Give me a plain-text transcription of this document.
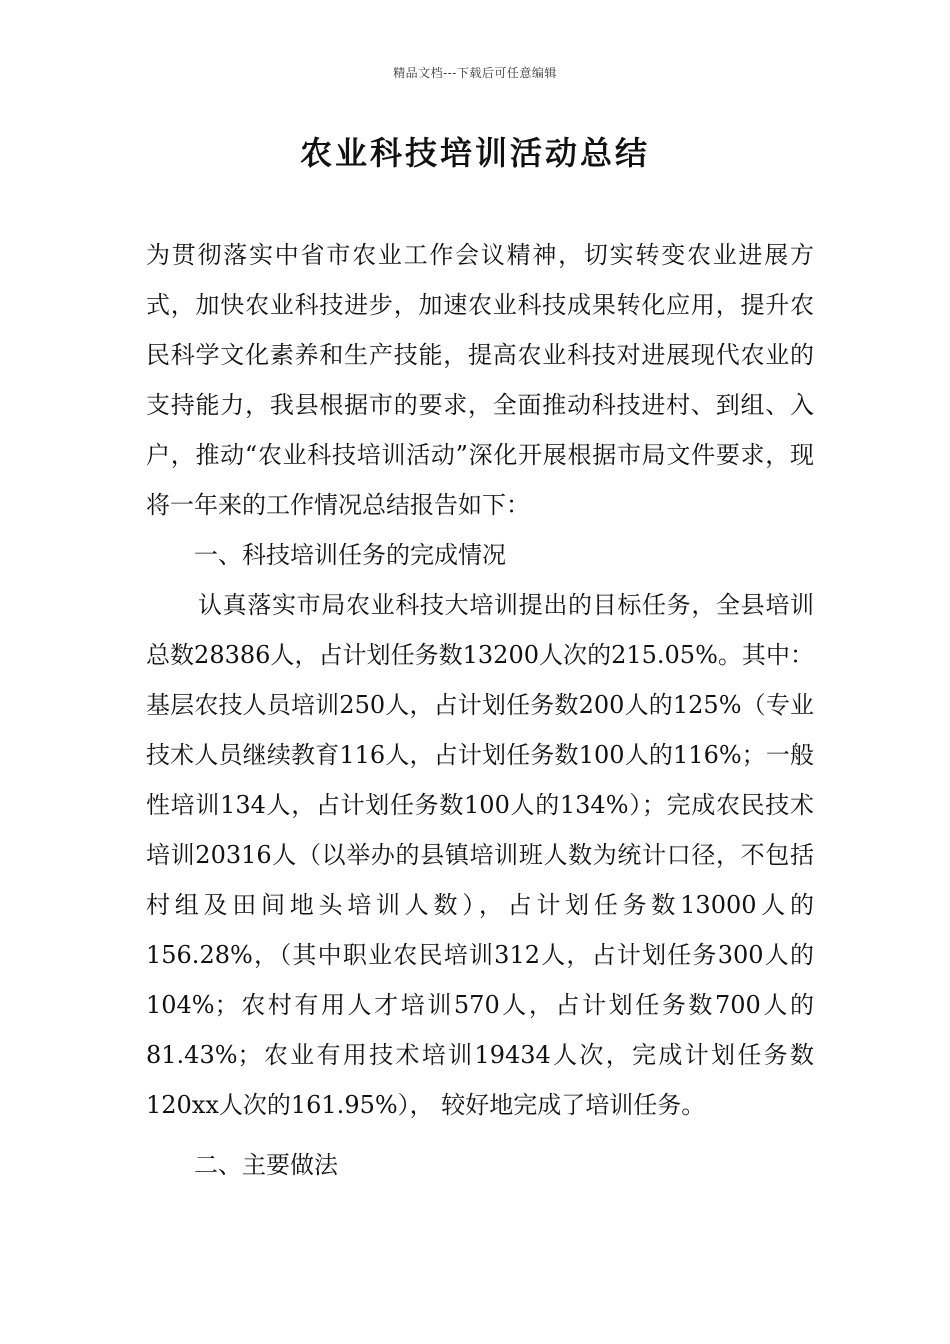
精品文档---下载后可任意编辑
农业科技培训活动总结

为贯彻落实中省市农业工作会议精神，切实转变农业进展方式，加快农业科技进步，加速农业科技成果转化应用，提升农民科学文化素养和生产技能，提高农业科技对进展现代农业的支持能力，我县根据市的要求，全面推动科技进村、到组、入户，推动“农业科技培训活动”深化开展根据市局文件要求，现将一年来的工作情况总结报告如下：

一、科技培训任务的完成情况

认真落实市局农业科技大培训提出的目标任务，全县培训总数28386人，占计划任务数13200人次的215.05%。其中：基层农技人员培训250人，占计划任务数200人的125%（专业技术人员继续教育116人，占计划任务数100人的116%；一般性培训134人，占计划任务数100人的134%）；完成农民技术培训20316人（以举办的县镇培训班人数为统计口径，不包括村组及田间地头培训人数），占计划任务数13000人的156.28%，（其中职业农民培训312人，占计划任务300人的104%；农村有用人才培训570人，占计划任务数700人的81.43%；农业有用技术培训19434人次，完成计划任务数120xx人次的161.95%）， 较好地完成了培训任务。

二、主要做法
